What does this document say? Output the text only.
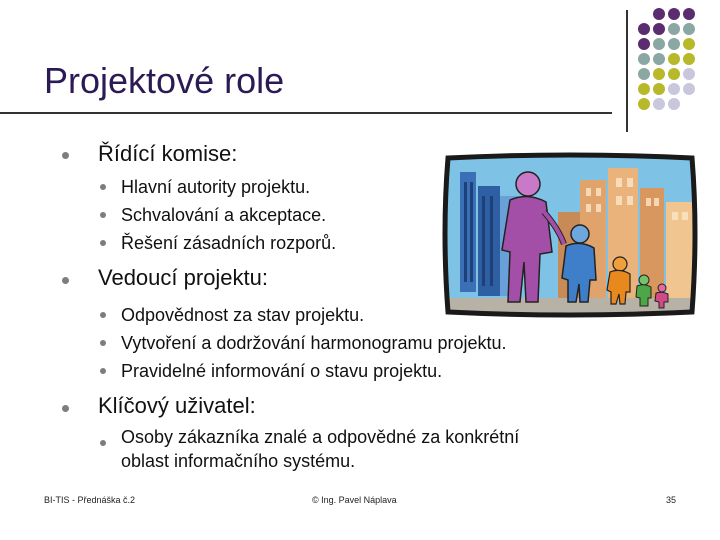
Projektové role
Řídící komise:
Hlavní autority projektu.
Schvalování a akceptace.
Řešení zásadních rozporů.
Vedoucí projektu:
Odpovědnost za stav projektu.
Vytvoření a dodržování harmonogramu projektu.
Pravidelné informování o stavu projektu.
Klíčový uživatel:
Osoby zákazníka znalé a odpovědné za konkrétní
oblast informačního systému.
BI-TIS - Přednáška č.2	© Ing. Pavel Náplava	35
